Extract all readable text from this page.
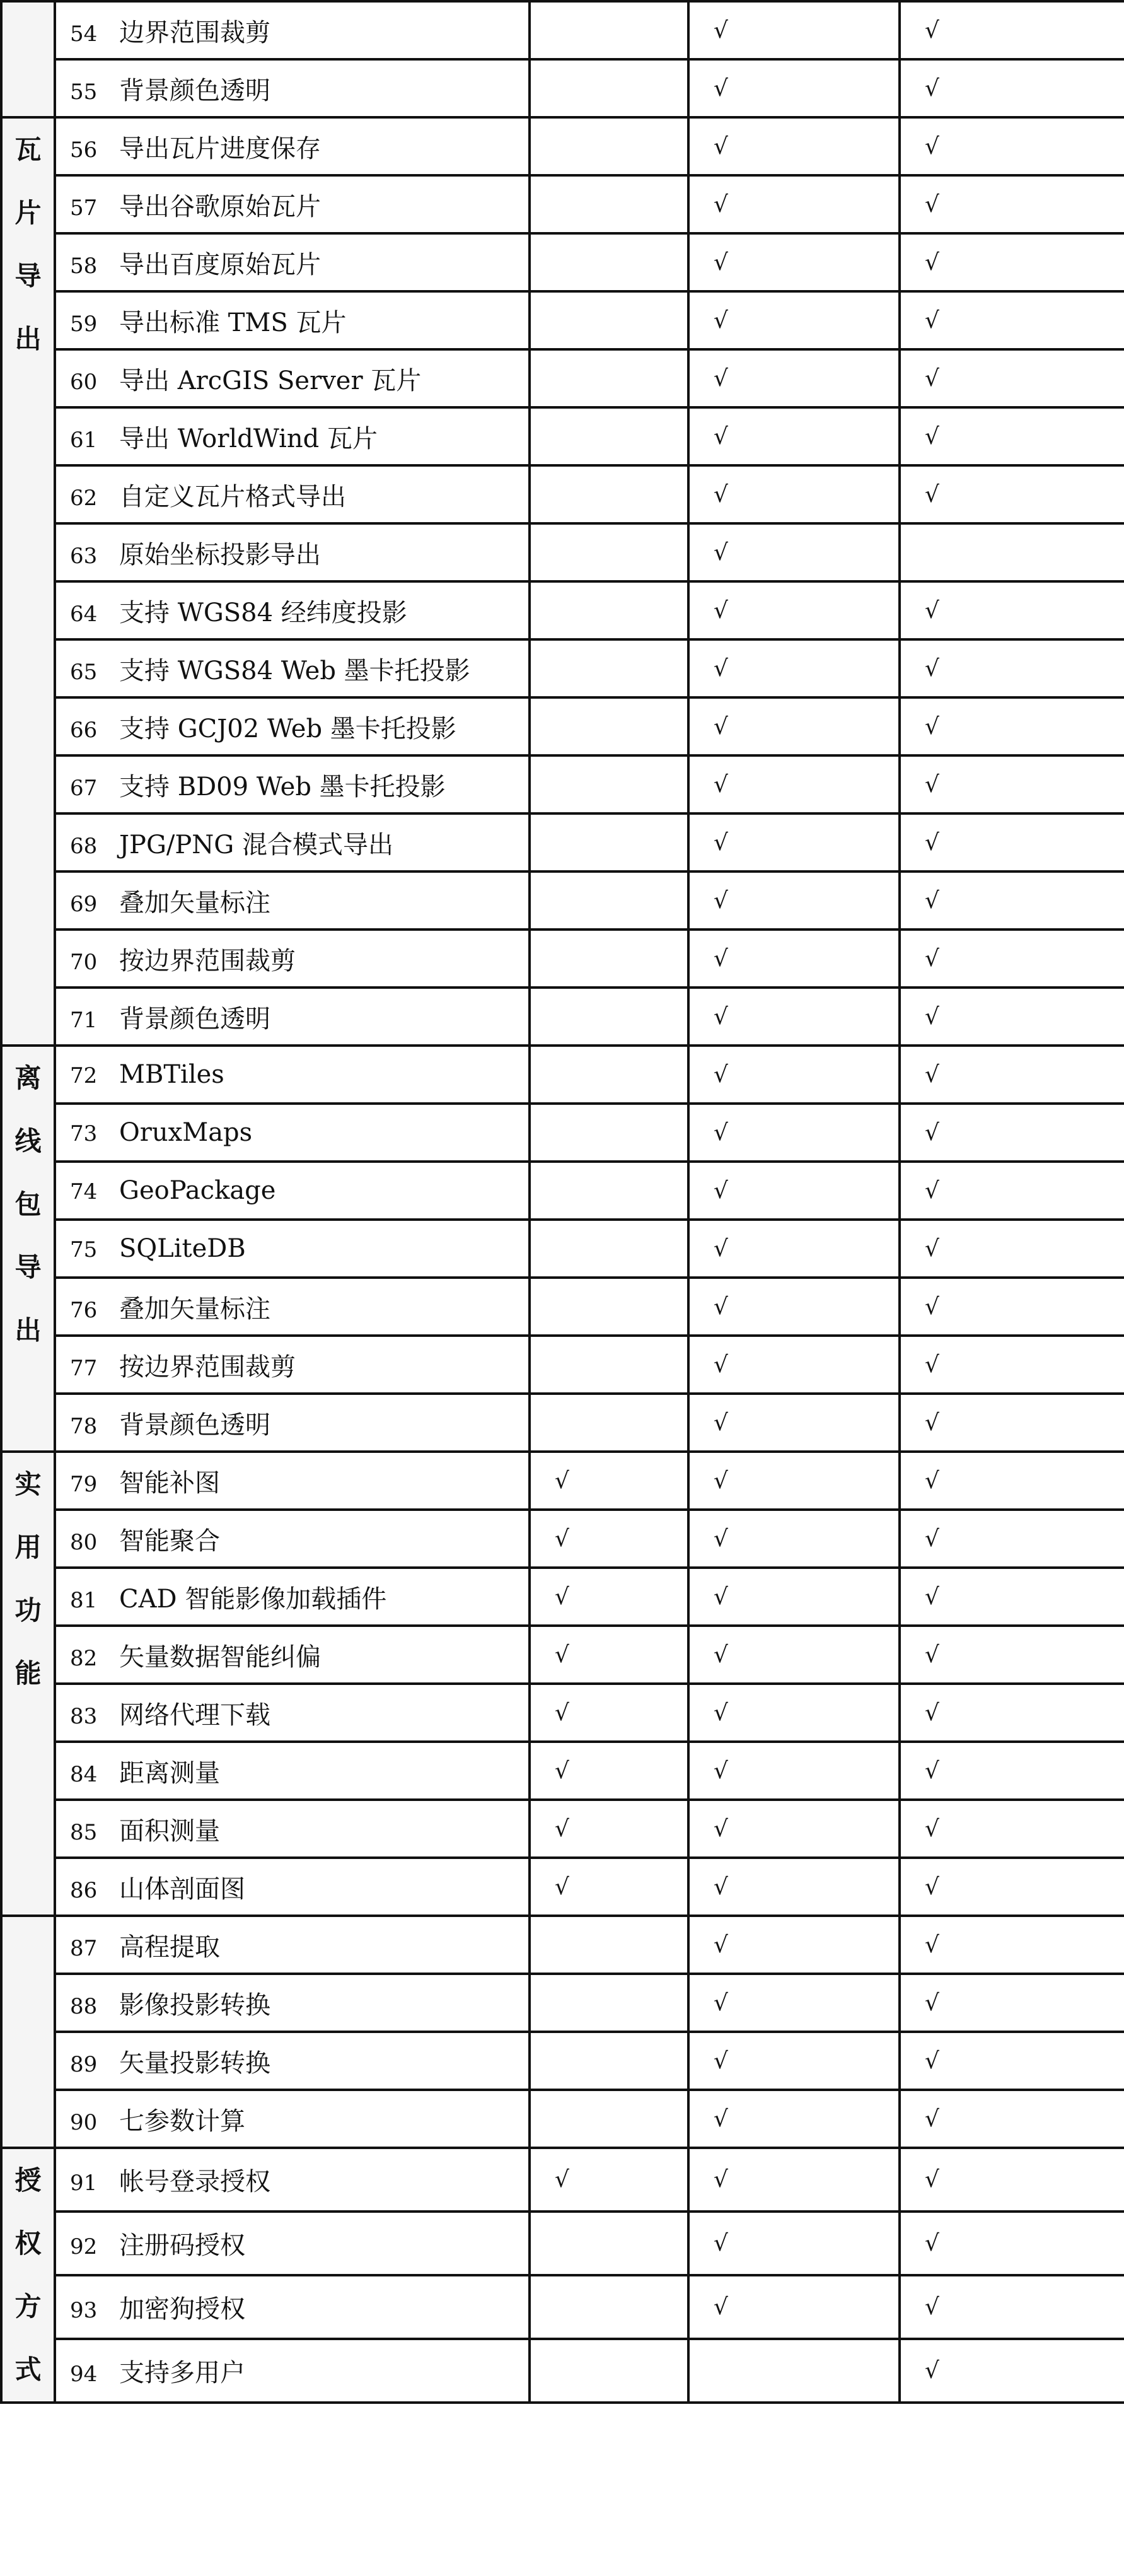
	54 边界范围裁剪		√	√
	55 背景颜色透明		√	√

瓦
片
导
出	56 导出瓦片进度保存		√	√
	57 导出谷歌原始瓦片		√	√
	58 导出百度原始瓦片		√	√
	59 导出标准 TMS 瓦片		√	√
	60 导出 ArcGIS Server 瓦片		√	√
	61 导出 WorldWind 瓦片		√	√
	62 自定义瓦片格式导出		√	√
	63 原始坐标投影导出		√	
	64 支持 WGS84 经纬度投影		√	√
	65 支持 WGS84 Web 墨卡托投影		√	√
	66 支持 GCJ02 Web 墨卡托投影		√	√
	67 支持 BD09 Web 墨卡托投影		√	√
	68 JPG/PNG 混合模式导出		√	√
	69 叠加矢量标注		√	√
	70 按边界范围裁剪		√	√
	71 背景颜色透明		√	√

离
线
包
导
出	72 MBTiles		√	√
	73 OruxMaps		√	√
	74 GeoPackage		√	√
	75 SQLiteDB		√	√
	76 叠加矢量标注		√	√
	77 按边界范围裁剪		√	√
	78 背景颜色透明		√	√

实
用
功
能	79 智能补图	√	√	√
	80 智能聚合	√	√	√
	81 CAD 智能影像加载插件	√	√	√
	82 矢量数据智能纠偏	√	√	√
	83 网络代理下载	√	√	√
	84 距离测量	√	√	√
	85 面积测量	√	√	√
	86 山体剖面图	√	√	√
	87 高程提取		√	√
	88 影像投影转换		√	√
	89 矢量投影转换		√	√
	90 七参数计算		√	√

授
权
方
式	91 帐号登录授权	√	√	√
	92 注册码授权		√	√
	93 加密狗授权		√	√
	94 支持多用户			√
